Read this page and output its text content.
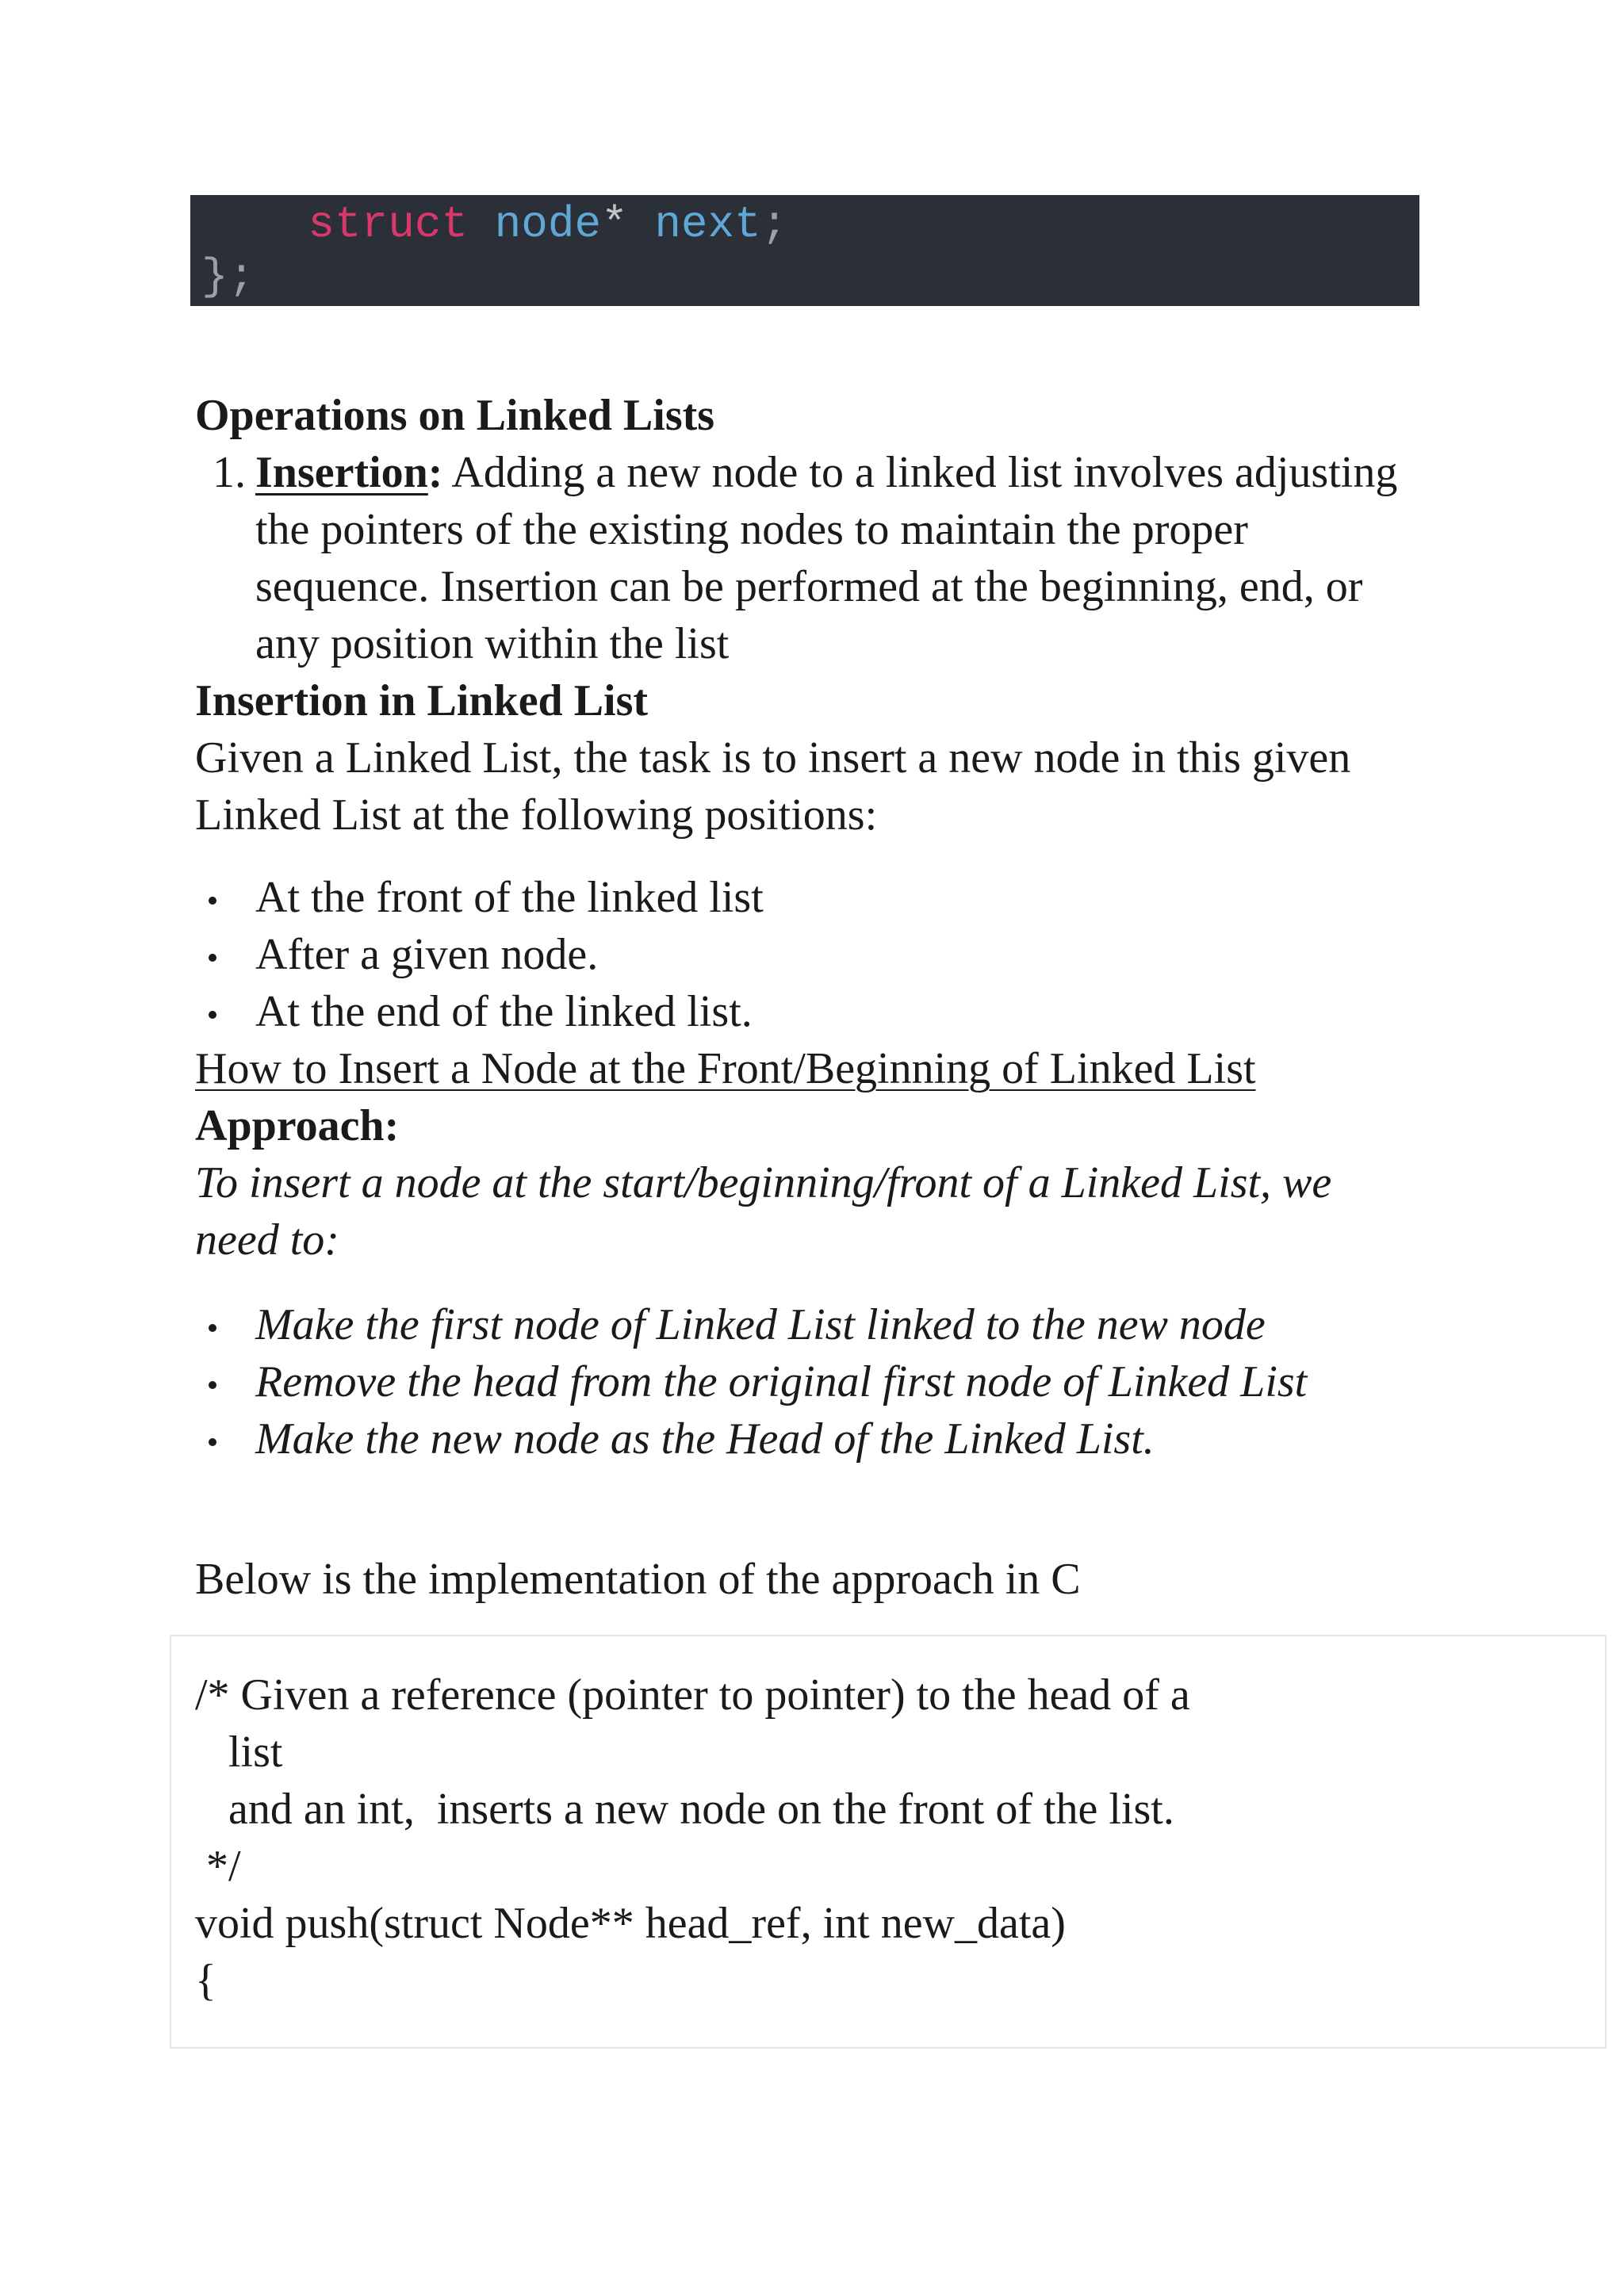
struct node* next;
};
Operations on Linked Lists
1. Insertion: Adding a new node to a linked list involves adjusting
the pointers of the existing nodes to maintain the proper
sequence. Insertion can be performed at the beginning, end, or
any position within the list
Insertion in Linked List
Given a Linked List, the task is to insert a new node in this given
Linked List at the following positions:
At the front of the linked list
After a given node.
At the end of the linked list.
How to Insert a Node at the Front/Beginning of Linked List
Approach:
To insert a node at the start/beginning/front of a Linked List, we
need to:
Make the first node of Linked List linked to the new node
Remove the head from the original first node of Linked List
Make the new node as the Head of the Linked List.
Below is the implementation of the approach in C
/* Given a reference (pointer to pointer) to the head of a
list
and an int,  inserts a new node on the front of the list.
*/
void push(struct Node** head_ref, int new_data)
{
